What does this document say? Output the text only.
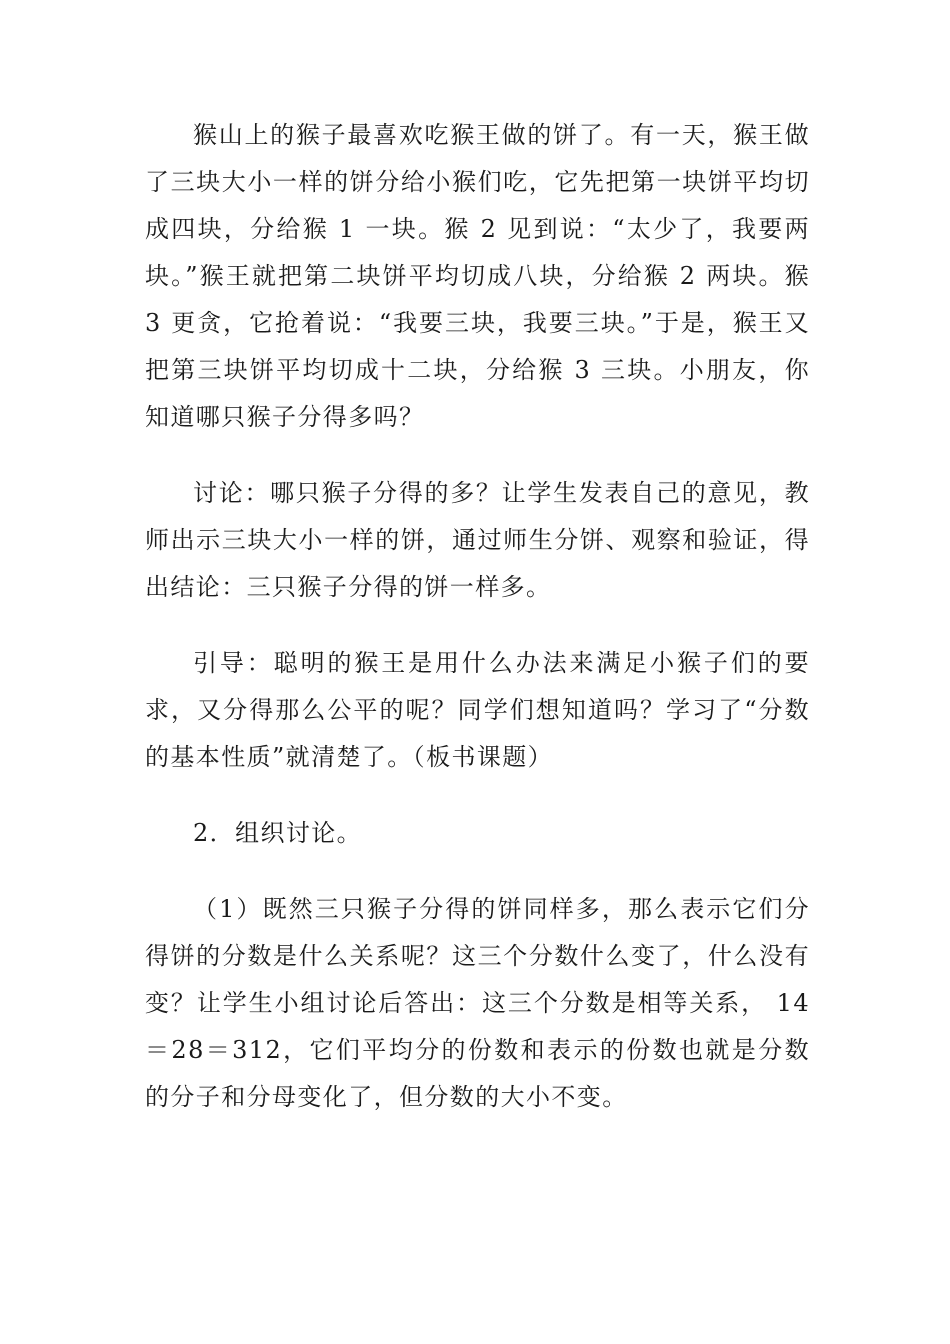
猴山上的猴子最喜欢吃猴王做的饼了。有一天，猴王做了三块大小一样的饼分给小猴们吃，它先把第一块饼平均切成四块，分给猴 1 一块。猴 2 见到说：“太少了，我要两块。”猴王就把第二块饼平均切成八块，分给猴 2 两块。猴 3 更贪，它抢着说：“我要三块，我要三块。”于是，猴王又把第三块饼平均切成十二块，分给猴 3 三块。小朋友，你知道哪只猴子分得多吗？

讨论：哪只猴子分得的多？让学生发表自己的意见，教师出示三块大小一样的饼，通过师生分饼、观察和验证，得出结论：三只猴子分得的饼一样多。

引导：聪明的猴王是用什么办法来满足小猴子们的要求，又分得那么公平的呢？同学们想知道吗？学习了“分数的基本性质”就清楚了。（板书课题）

2．组织讨论。

（1）既然三只猴子分得的饼同样多，那么表示它们分得饼的分数是什么关系呢？这三个分数什么变了，什么没有变？让学生小组讨论后答出：这三个分数是相等关系， 14＝28＝312，它们平均分的份数和表示的份数也就是分数的分子和分母变化了，但分数的大小不变。
